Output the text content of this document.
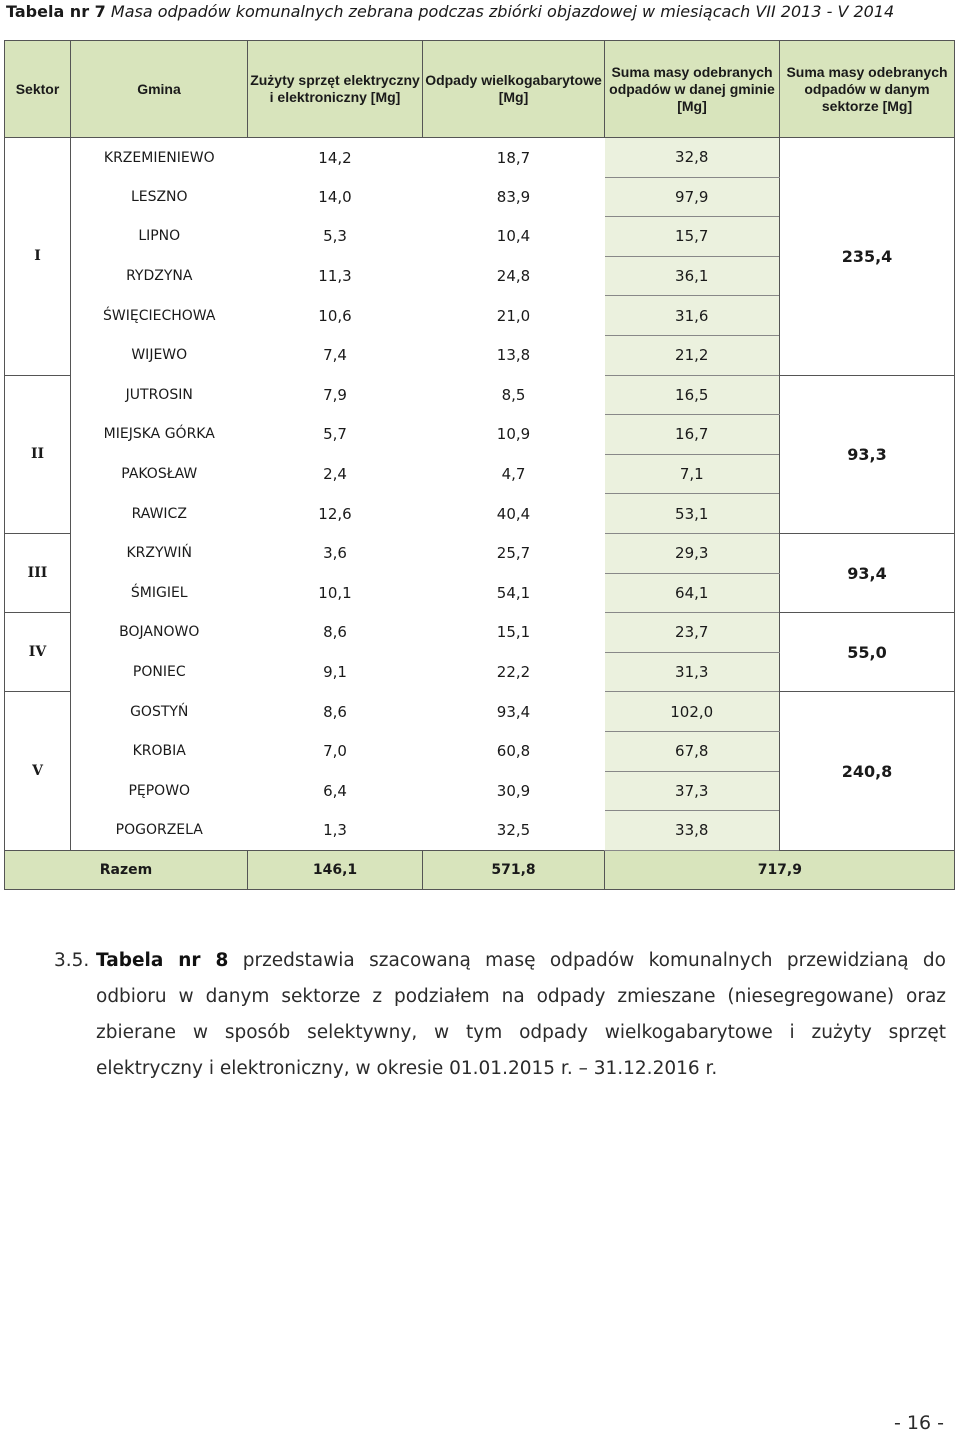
Tabela nr 7 Masa odpadów komunalnych zebrana podczas zbiórki objazdowej w miesiącach VII 2013 - V 2014
Sektor	Gmina	Zużyty sprzęt elektryczny i elektroniczny [Mg]	Odpady wielkogabarytowe [Mg]	Suma masy odebranych odpadów w danej gminie [Mg]	Suma masy odebranych odpadów w danym sektorze [Mg]
I	KRZEMIENIEWO	14,2	18,7	32,8	235,4
	LESZNO	14,0	83,9	97,9	
	LIPNO	5,3	10,4	15,7	
	RYDZYNA	11,3	24,8	36,1	
	ŚWIĘCIECHOWA	10,6	21,0	31,6	
	WIJEWO	7,4	13,8	21,2	
II	JUTROSIN	7,9	8,5	16,5	93,3
	MIEJSKA GÓRKA	5,7	10,9	16,7	
	PAKOSŁAW	2,4	4,7	7,1	
	RAWICZ	12,6	40,4	53,1	
III	KRZYWIŃ	3,6	25,7	29,3	93,4
	ŚMIGIEL	10,1	54,1	64,1	
IV	BOJANOWO	8,6	15,1	23,7	55,0
	PONIEC	9,1	22,2	31,3	
V	GOSTYŃ	8,6	93,4	102,0	240,8
	KROBIA	7,0	60,8	67,8	
	PĘPOWO	6,4	30,9	37,3	
	POGORZELA	1,3	32,5	33,8	
Razem		146,1	571,8	717,9	
3.5. Tabela nr 8 przedstawia szacowaną masę odpadów komunalnych przewidzianą do odbioru w danym sektorze z podziałem na odpady zmieszane (niesegregowane) oraz zbierane w sposób selektywny, w tym odpady wielkogabarytowe i zużyty sprzęt elektryczny i elektroniczny, w okresie 01.01.2015 r. – 31.12.2016 r.
- 16 -
